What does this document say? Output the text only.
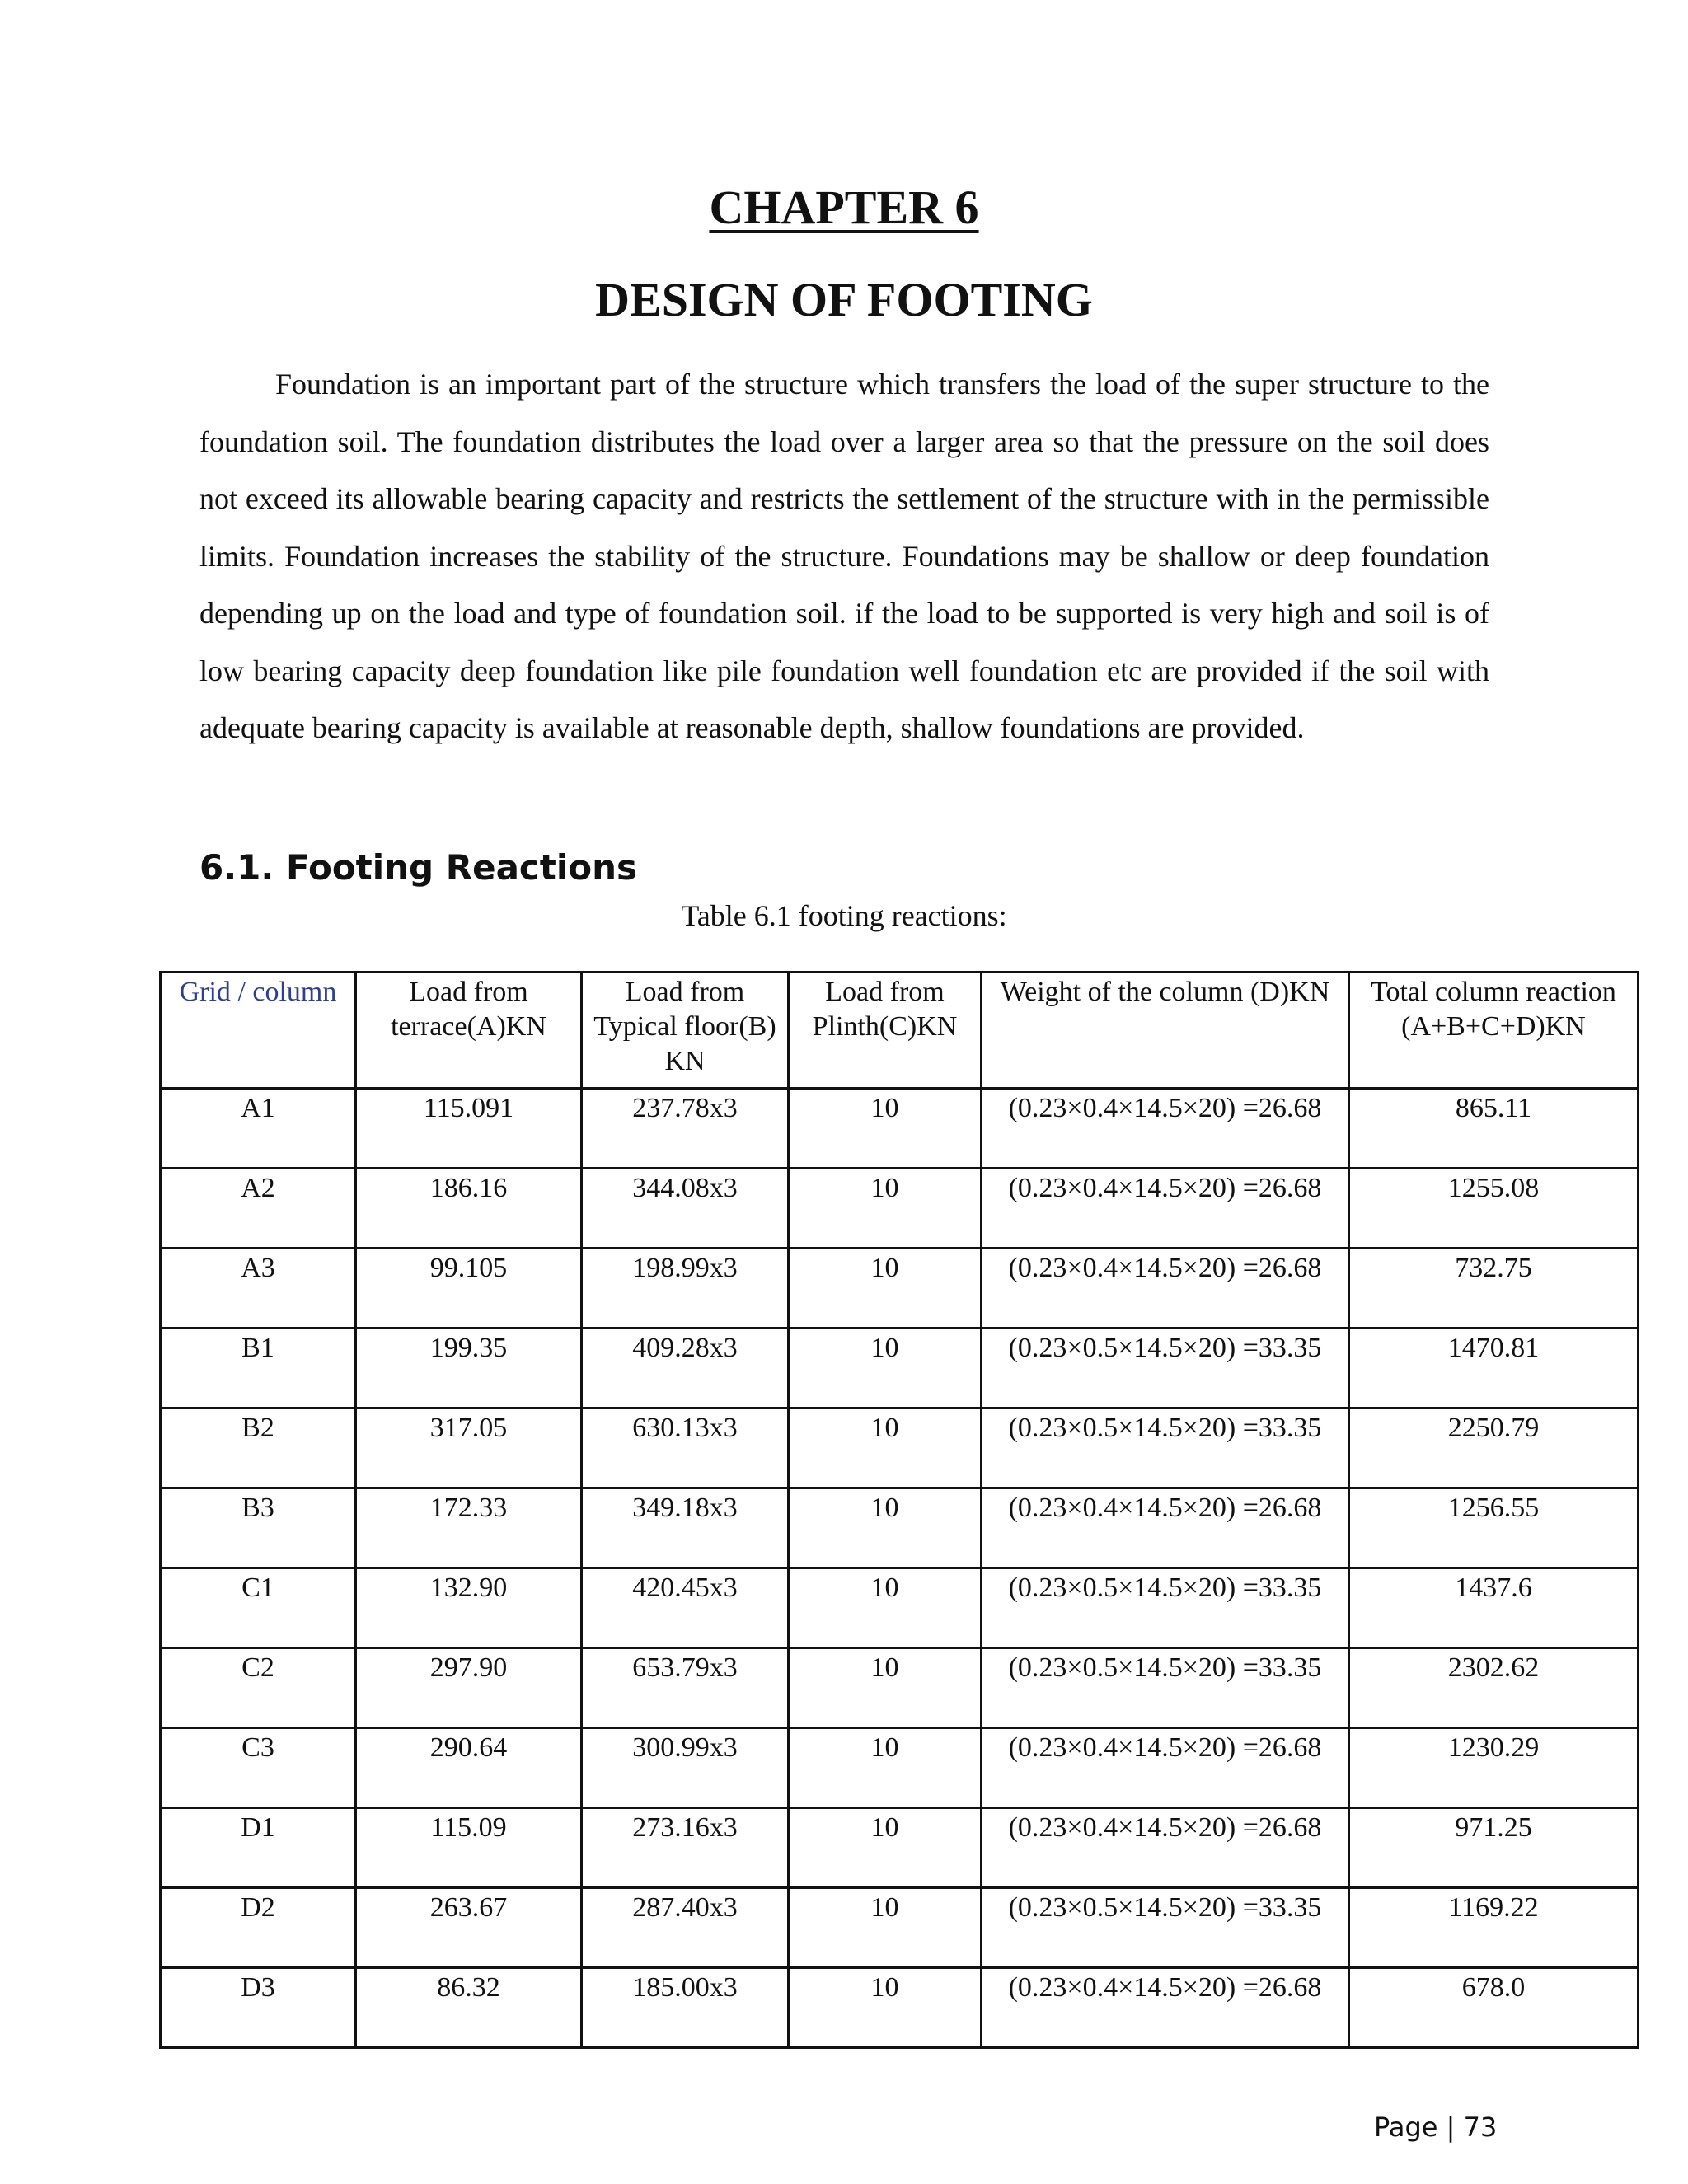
CHAPTER 6
DESIGN OF FOOTING

Foundation is an important part of the structure which transfers the load of the super structure to the foundation soil. The foundation distributes the load over a larger area so that the pressure on the soil does not exceed its allowable bearing capacity and restricts the settlement of the structure with in the permissible limits. Foundation increases the stability of the structure. Foundations may be shallow or deep foundation depending up on the load and type of foundation soil. if the load to be supported is very high and soil is of low bearing capacity deep foundation like pile foundation well foundation etc are provided if the soil with adequate bearing capacity is available at reasonable depth, shallow foundations are provided.

6.1. Footing Reactions
Table 6.1 footing reactions:
Grid / column	Load from terrace(A)KN	Load from Typical floor(B) KN	Load from Plinth(C)KN	Weight of the column (D)KN	Total column reaction (A+B+C+D)KN
A1	115.091	237.78x3	10	(0.23×0.4×14.5×20) =26.68	865.11
A2	186.16	344.08x3	10	(0.23×0.4×14.5×20) =26.68	1255.08
A3	99.105	198.99x3	10	(0.23×0.4×14.5×20) =26.68	732.75
B1	199.35	409.28x3	10	(0.23×0.5×14.5×20) =33.35	1470.81
B2	317.05	630.13x3	10	(0.23×0.5×14.5×20) =33.35	2250.79
B3	172.33	349.18x3	10	(0.23×0.4×14.5×20) =26.68	1256.55
C1	132.90	420.45x3	10	(0.23×0.5×14.5×20) =33.35	1437.6
C2	297.90	653.79x3	10	(0.23×0.5×14.5×20) =33.35	2302.62
C3	290.64	300.99x3	10	(0.23×0.4×14.5×20) =26.68	1230.29
D1	115.09	273.16x3	10	(0.23×0.4×14.5×20) =26.68	971.25
D2	263.67	287.40x3	10	(0.23×0.5×14.5×20) =33.35	1169.22
D3	86.32	185.00x3	10	(0.23×0.4×14.5×20) =26.68	678.0
Page | 73
